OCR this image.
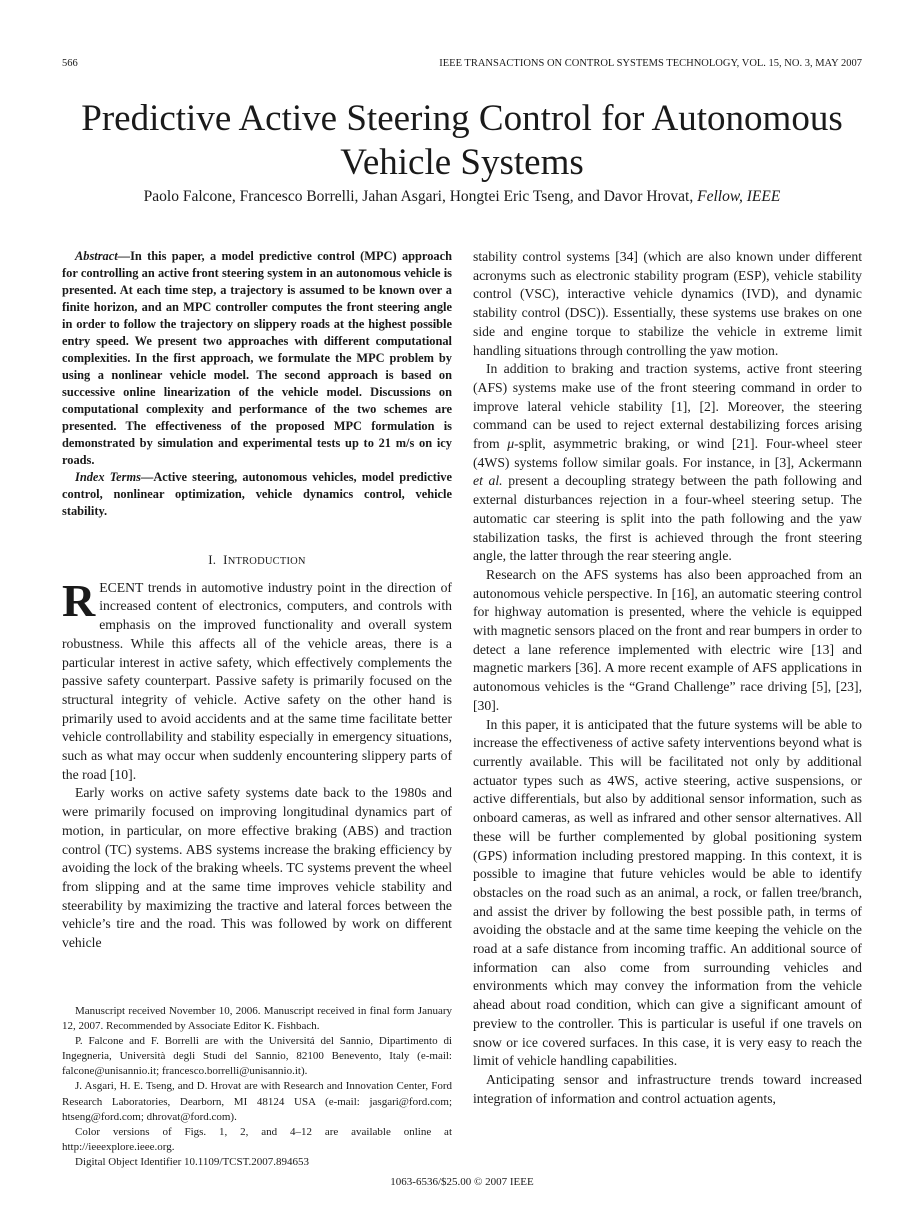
566	IEEE TRANSACTIONS ON CONTROL SYSTEMS TECHNOLOGY, VOL. 15, NO. 3, MAY 2007
Predictive Active Steering Control for Autonomous Vehicle Systems
Paolo Falcone, Francesco Borrelli, Jahan Asgari, Hongtei Eric Tseng, and Davor Hrovat, Fellow, IEEE

Abstract—In this paper, a model predictive control (MPC) approach for controlling an active front steering system in an autonomous vehicle is presented. At each time step, a trajectory is assumed to be known over a finite horizon, and an MPC controller computes the front steering angle in order to follow the trajectory on slippery roads at the highest possible entry speed. We present two approaches with different computational complexities. In the first approach, we formulate the MPC problem by using a nonlinear vehicle model. The second approach is based on successive online linearization of the vehicle model. Discussions on computational complexity and performance of the two schemes are presented. The effectiveness of the proposed MPC formulation is demonstrated by simulation and experimental tests up to 21 m/s on icy roads.

Index Terms—Active steering, autonomous vehicles, model predictive control, nonlinear optimization, vehicle dynamics control, vehicle stability.

I. INTRODUCTION

RECENT trends in automotive industry point in the direction of increased content of electronics, computers, and controls with emphasis on the improved functionality and overall system robustness. While this affects all of the vehicle areas, there is a particular interest in active safety, which effectively complements the passive safety counterpart. Passive safety is primarily focused on the structural integrity of vehicle. Active safety on the other hand is primarily used to avoid accidents and at the same time facilitate better vehicle controllability and stability especially in emergency situations, such as what may occur when suddenly encountering slippery parts of the road [10].

Early works on active safety systems date back to the 1980s and were primarily focused on improving longitudinal dynamics part of motion, in particular, on more effective braking (ABS) and traction control (TC) systems. ABS systems increase the braking efficiency by avoiding the lock of the braking wheels. TC systems prevent the wheel from slipping and at the same time improves vehicle stability and steerability by maximizing the tractive and lateral forces between the vehicle’s tire and the road. This was followed by work on different vehicle

stability control systems [34] (which are also known under different acronyms such as electronic stability program (ESP), vehicle stability control (VSC), interactive vehicle dynamics (IVD), and dynamic stability control (DSC)). Essentially, these systems use brakes on one side and engine torque to stabilize the vehicle in extreme limit handling situations through controlling the yaw motion.

In addition to braking and traction systems, active front steering (AFS) systems make use of the front steering command in order to improve lateral vehicle stability [1], [2]. Moreover, the steering command can be used to reject external destabilizing forces arising from μ-split, asymmetric braking, or wind [21]. Four-wheel steer (4WS) systems follow similar goals. For instance, in [3], Ackermann et al. present a decoupling strategy between the path following and external disturbances rejection in a four-wheel steering setup. The automatic car steering is split into the path following and the yaw stabilization tasks, the first is achieved through the front steering angle, the latter through the rear steering angle.

Research on the AFS systems has also been approached from an autonomous vehicle perspective. In [16], an automatic steering control for highway automation is presented, where the vehicle is equipped with magnetic sensors placed on the front and rear bumpers in order to detect a lane reference implemented with electric wire [13] and magnetic markers [36]. A more recent example of AFS applications in autonomous vehicles is the “Grand Challenge” race driving [5], [23], [30].

In this paper, it is anticipated that the future systems will be able to increase the effectiveness of active safety interventions beyond what is currently available. This will be facilitated not only by additional actuator types such as 4WS, active steering, active suspensions, or active differentials, but also by additional sensor information, such as onboard cameras, as well as infrared and other sensor alternatives. All these will be further complemented by global positioning system (GPS) information including prestored mapping. In this context, it is possible to imagine that future vehicles would be able to identify obstacles on the road such as an animal, a rock, or fallen tree/branch, and assist the driver by following the best possible path, in terms of avoiding the obstacle and at the same time keeping the vehicle on the road at a safe distance from incoming traffic. An additional source of information can also come from surrounding vehicles and environments which may convey the information from the vehicle ahead about road condition, which can give a significant amount of preview to the controller. This is particular is useful if one travels on snow or ice covered surfaces. In this case, it is very easy to reach the limit of vehicle handling capabilities.

Anticipating sensor and infrastructure trends toward increased integration of information and control actuation agents,

Manuscript received November 10, 2006. Manuscript received in final form January 12, 2007. Recommended by Associate Editor K. Fishbach.

P. Falcone and F. Borrelli are with the Universitá del Sannio, Dipartimento di Ingegneria, Università degli Studi del Sannio, 82100 Benevento, Italy (e-mail: falcone@unisannio.it; francesco.borrelli@unisannio.it).

J. Asgari, H. E. Tseng, and D. Hrovat are with Research and Innovation Center, Ford Research Laboratories, Dearborn, MI 48124 USA (e-mail: jasgari@ford.com; htseng@ford.com; dhrovat@ford.com).

Color versions of Figs. 1, 2, and 4–12 are available online at http://ieeexplore.ieee.org.

Digital Object Identifier 10.1109/TCST.2007.894653

1063-6536/$25.00 © 2007 IEEE
